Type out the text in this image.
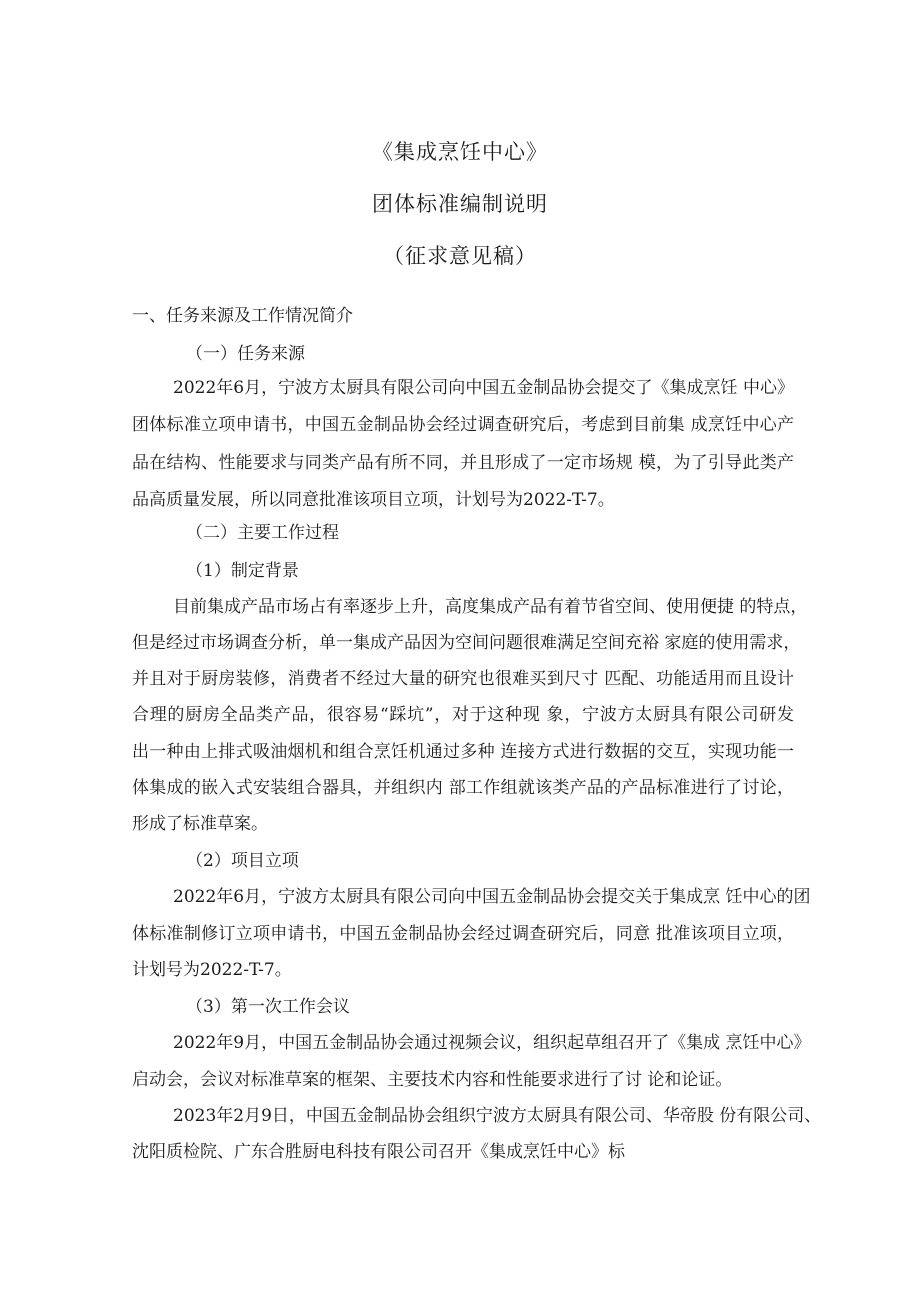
《集成烹饪中心》
团体标准编制说明
（征求意见稿）
一、任务来源及工作情况简介
（一）任务来源
2022年6月，宁波方太厨具有限公司向中国五金制品协会提交了《集成烹饪 中心》
团体标准立项申请书，中国五金制品协会经过调查研究后，考虑到目前集 成烹饪中心产
品在结构、性能要求与同类产品有所不同，并且形成了一定市场规 模，为了引导此类产
品高质量发展，所以同意批准该项目立项，计划号为2022-T-7。
（二）主要工作过程
（1）制定背景
目前集成产品市场占有率逐步上升，高度集成产品有着节省空间、使用便捷 的特点，
但是经过市场调查分析，单一集成产品因为空间问题很难满足空间充裕 家庭的使用需求，
并且对于厨房装修，消费者不经过大量的研究也很难买到尺寸 匹配、功能适用而且设计
合理的厨房全品类产品，很容易“踩坑”，对于这种现 象，宁波方太厨具有限公司研发
出一种由上排式吸油烟机和组合烹饪机通过多种 连接方式进行数据的交互，实现功能一
体集成的嵌入式安装组合器具，并组织内 部工作组就该类产品的产品标准进行了讨论，
形成了标准草案。
（2）项目立项
2022年6月，宁波方太厨具有限公司向中国五金制品协会提交关于集成烹 饪中心的团
体标准制修订立项申请书，中国五金制品协会经过调查研究后，同意 批准该项目立项，
计划号为2022-T-7。
（3）第一次工作会议
2022年9月，中国五金制品协会通过视频会议，组织起草组召开了《集成 烹饪中心》
启动会，会议对标准草案的框架、主要技术内容和性能要求进行了讨 论和论证。
2023年2月9日，中国五金制品协会组织宁波方太厨具有限公司、华帝股 份有限公司、
沈阳质检院、广东合胜厨电科技有限公司召开《集成烹饪中心》标
